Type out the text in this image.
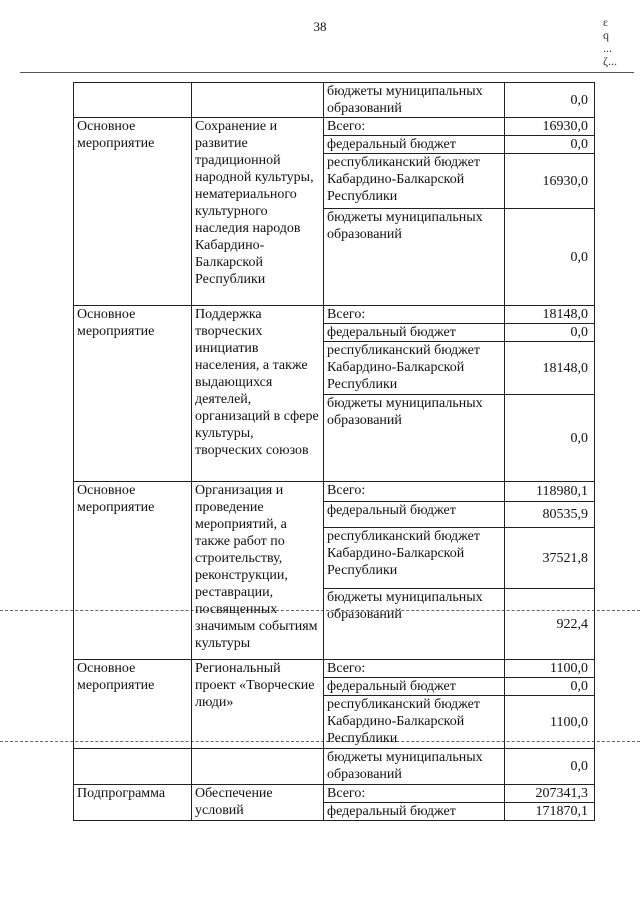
38	ε
q
...
ζ...
		бюджеты муниципальных образований	0,0
Основное мероприятие	Сохранение и развитие традиционной народной культуры, нематериального культурного наследия народов Кабардино-Балкарской Республики	Всего:	16930,0
		федеральный бюджет	0,0
		республиканский бюджет Кабардино-Балкарской Республики	16930,0
		бюджеты муниципальных образований	0,0
Основное мероприятие	Поддержка творческих инициатив населения, а также выдающихся деятелей, организаций в сфере культуры, творческих союзов	Всего:	18148,0
		федеральный бюджет	0,0
		республиканский бюджет Кабардино-Балкарской Республики	18148,0
		бюджеты муниципальных образований	0,0
Основное мероприятие	Организация и проведение мероприятий, а также работ по строительству, реконструкции, реставрации, посвященных значимым событиям культуры	Всего:	118980,1
		федеральный бюджет	80535,9
		республиканский бюджет Кабардино-Балкарской Республики	37521,8
		бюджеты муниципальных образований	922,4
Основное мероприятие	Региональный проект «Творческие люди»	Всего:	1100,0
		федеральный бюджет	0,0
		республиканский бюджет Кабардино-Балкарской Республики	1100,0
		бюджеты муниципальных образований	0,0
Подпрограмма	Обеспечение условий	Всего:	207341,3
		федеральный бюджет	171870,1
